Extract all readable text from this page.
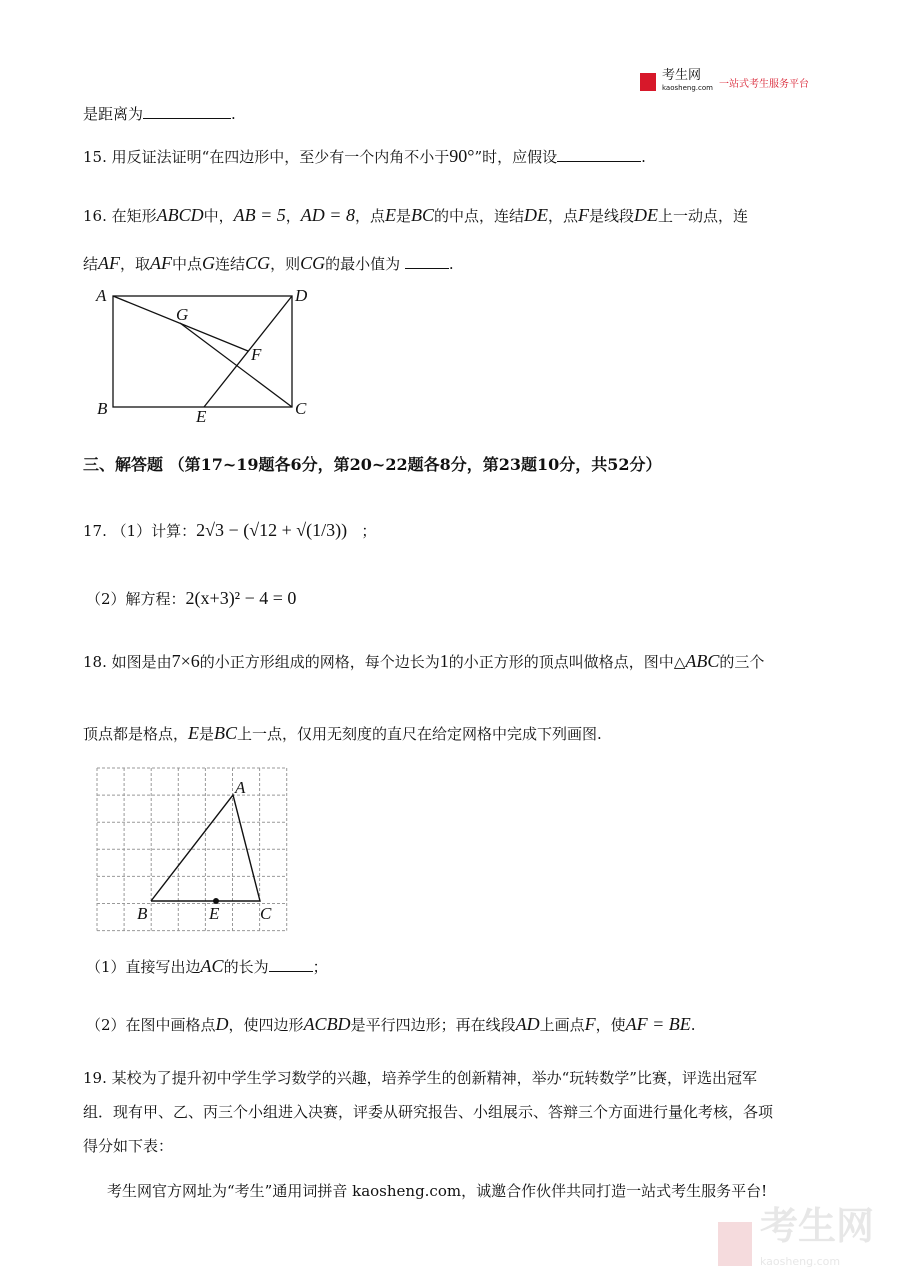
考生网
kaosheng.com 一站式考生服务平台
是距离为	.
15. 用反证法证明“在四边形中，至少有一个内角不小于90°”时，应假设	.
16. 在矩形ABCD中，AB = 5，AD = 8，点E是BC的中点，连结DE，点F是线段DE上一动点，连
结AF，取AF中点G连结CG，则CG的最小值为	.
A	D
B	C
E
G
F
A
B	E C
三、解答题 （第17~19题各6分，第20~22题各8分，第23题10分，共52分）
17. （1）计算：2√3 − (√12 + √(1/3)) ；
（2）解方程：2(x+3)² − 4 = 0
18. 如图是由7×6的小正方形组成的网格，每个边长为1的小正方形的顶点叫做格点，图中△ABC的三个
顶点都是格点，E是BC上一点，仅用无刻度的直尺在给定网格中完成下列画图.
（1）直接写出边AC的长为	；
（2）在图中画格点D，使四边形ACBD是平行四边形；再在线段AD上画点F，使AF = BE.
19. 某校为了提升初中学生学习数学的兴趣，培养学生的创新精神，举办“玩转数学”比赛，评选出冠军
组．现有甲、乙、丙三个小组进入决赛，评委从研究报告、小组展示、答辩三个方面进行量化考核，各项
得分如下表：
考生网官方网址为“考生”通用词拼音 kaosheng.com，诚邀合作伙伴共同打造一站式考生服务平台!
考生网
kaosheng.com
